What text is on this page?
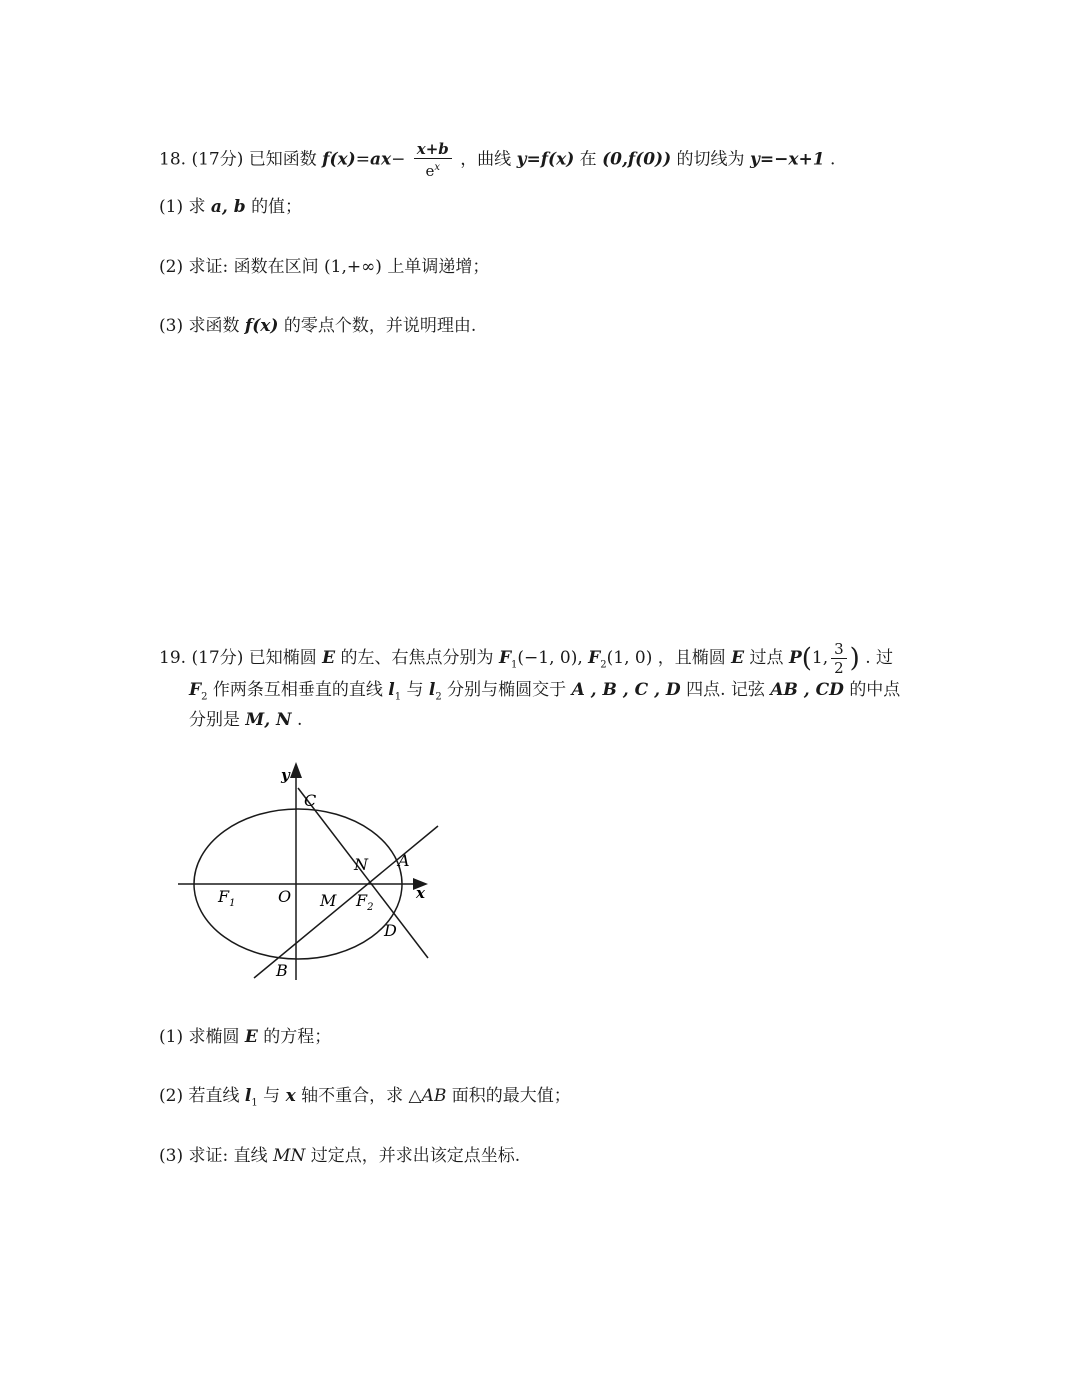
18. (17分) 已知函数 $f(x)=ax- \frac{x+b}{e^x}$ ，曲线 y=f(x) 在 (0,f(0)) 的切线为 y=−x+1 .
(1) 求 a, b 的值；
(2) 求证: 函数在区间 (1,+∞) 上单调递增；
(3) 求函数 f(x) 的零点个数，并说明理由.
19. (17分) 已知椭圆 E 的左、右焦点分别为 $F_1(-1$, 0), $F_2(1$, 0) ，且椭圆 E 过点 P(1, $\frac{3}{2}$ ) . 过
$F_2$ 作两条互相垂直的直线 $l_1$ 与 $l_2$ 分别与椭圆交于 A , B , C , D 四点. 记弦 AB , CD 的中点
分别是 M, N .
y
x
C
N A
$F_1$	O M $F_2$
D
B
(1) 求椭圆 E 的方程；
(2) 若直线 $l_1$ 与 x 轴不重合，求 △AB 面积的最大值；
(3) 求证: 直线 MN 过定点，并求出该定点坐标.
